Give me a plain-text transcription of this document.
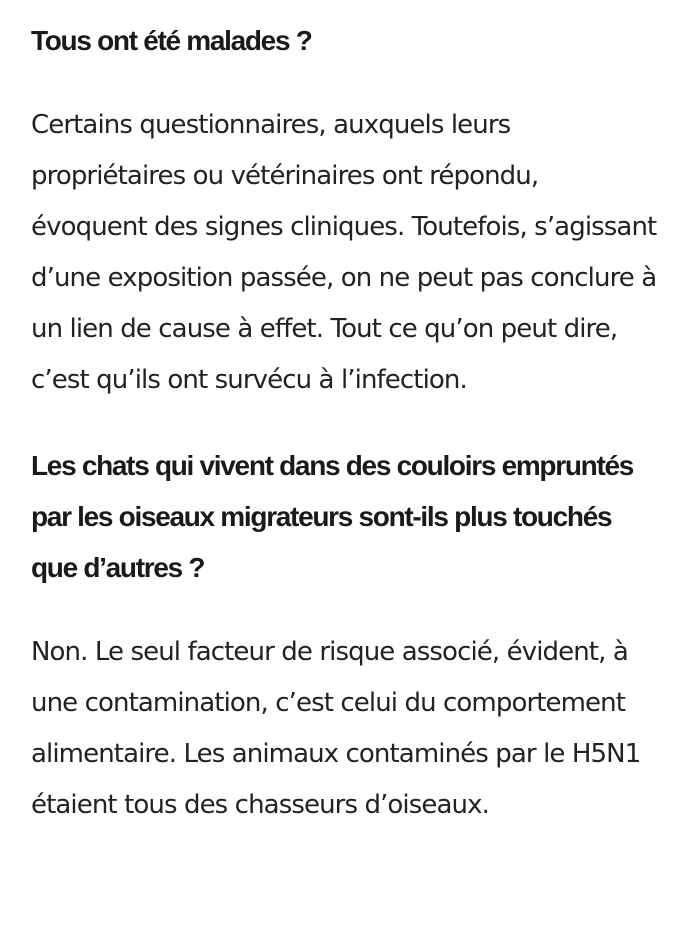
Tous ont été malades ?

Certains questionnaires, auxquels leurs propriétaires ou vétérinaires ont répondu, évoquent des signes cliniques. Toutefois, s’agissant d’une exposition passée, on ne peut pas conclure à un lien de cause à effet. Tout ce qu’on peut dire, c’est qu’ils ont survécu à l’infection.

Les chats qui vivent dans des couloirs empruntés par les oiseaux migrateurs sont-ils plus touchés que d’autres ?

Non. Le seul facteur de risque associé, évident, à une contamination, c’est celui du comportement alimentaire. Les animaux contaminés par le H5N1 étaient tous des chasseurs d’oiseaux.
